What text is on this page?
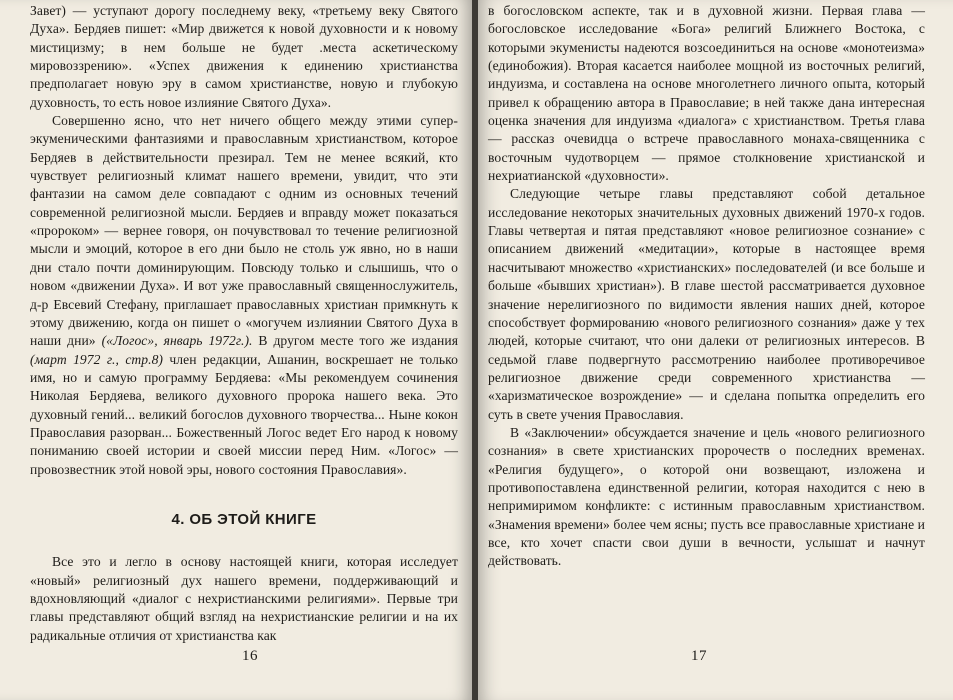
Завет) — уступают дорогу последнему веку, «третьему веку Святого Духа». Бердяев пишет: «Мир движется к новой духовности и к новому мистицизму; в нем больше не будет .места аскетическому мировоззрению». «Успех движения к единению христианства предполагает новую эру в самом христианстве, новую и глубокую духовность, то есть новое излияние Святого Духа».

Совершенно ясно, что нет ничего общего между этими супер-экуменическими фантазиями и православным христианством, которое Бердяев в действительности презирал. Тем не менее всякий, кто чувствует религиозный климат нашего времени, увидит, что эти фантазии на самом деле совпадают с одним из основных течений современной религиозной мысли. Бердяев и вправду может показаться «пророком» — вернее говоря, он почувствовал то течение религиозной мысли и эмоций, которое в его дни было не столь уж явно, но в наши дни стало почти доминирующим. Повсюду только и слышишь, что о новом «движении Духа». И вот уже православный священнослужитель, д-р Евсевий Стефану, приглашает православных христиан примкнуть к этому движению, когда он пишет о «могучем излиянии Святого Духа в наши дни» («Логос», январь 1972г.). В другом месте того же издания (март 1972 г., стр.8) член редакции, Ашанин, воскрешает не только имя, но и самую программу Бердяева: «Мы рекомендуем сочинения Николая Бердяева, великого духовного пророка нашего века. Это духовный гений... великий богослов духовного творчества... Ныне кокон Православия разорван... Божественный Логос ведет Его народ к новому пониманию своей истории и своей миссии перед Ним. «Логос» — провозвестник этой новой эры, нового состояния Православия».

4. ОБ ЭТОЙ КНИГЕ

Все это и легло в основу настоящей книги, которая исследует «новый» религиозный дух нашего времени, поддерживающий и вдохновляющий «диалог с нехристианскими религиями». Первые три главы представляют общий взгляд на нехристианские религии и на их радикальные отличия от христианства как

16

в богословском аспекте, так и в духовной жизни. Первая глава — богословское исследование «Бога» религий Ближнего Востока, с которыми экуменисты надеются возсоединиться на основе «монотеизма» (единобожия). Вторая касается наиболее мощной из восточных религий, индуизма, и составлена на основе многолетнего личного опыта, который привел к обращению автора в Православие; в ней также дана интересная оценка значения для индуизма «диалога» с христианством. Третья глава — рассказ очевидца о встрече православного монаха-священника с восточным чудотворцем — прямое столкновение христианской и нехриатианской «духовности».

Следующие четыре главы представляют собой детальное исследование некоторых значительных духовных движений 1970-х годов. Главы четвертая и пятая представляют «новое религиозное сознание» с описанием движений «медитации», которые в настоящее время насчитывают множество «христианских» последователей (и все больше и больше «бывших христиан»). В главе шестой рассматривается духовное значение нерелигиозного по видимости явления наших дней, которое способствует формированию «нового религиозного сознания» даже у тех людей, которые считают, что они далеки от религиозных интересов. В седьмой главе подвергнуто рассмотрению наиболее противоречивое религиозное движение среди современного христианства — «харизматическое возрождение» — и сделана попытка определить его суть в свете учения Православия.

В «Заключении» обсуждается значение и цель «нового религиозного сознания» в свете христианских пророчеств о последних временах. «Религия будущего», о которой они возвещают, изложена и противопоставлена единственной религии, которая находится с нею в непримиримом конфликте: с истинным православным христианством. «Знамения времени» более чем ясны; пусть все православные христиане и все, кто хочет спасти свои души в вечности, услышат и начнут действовать.

17
